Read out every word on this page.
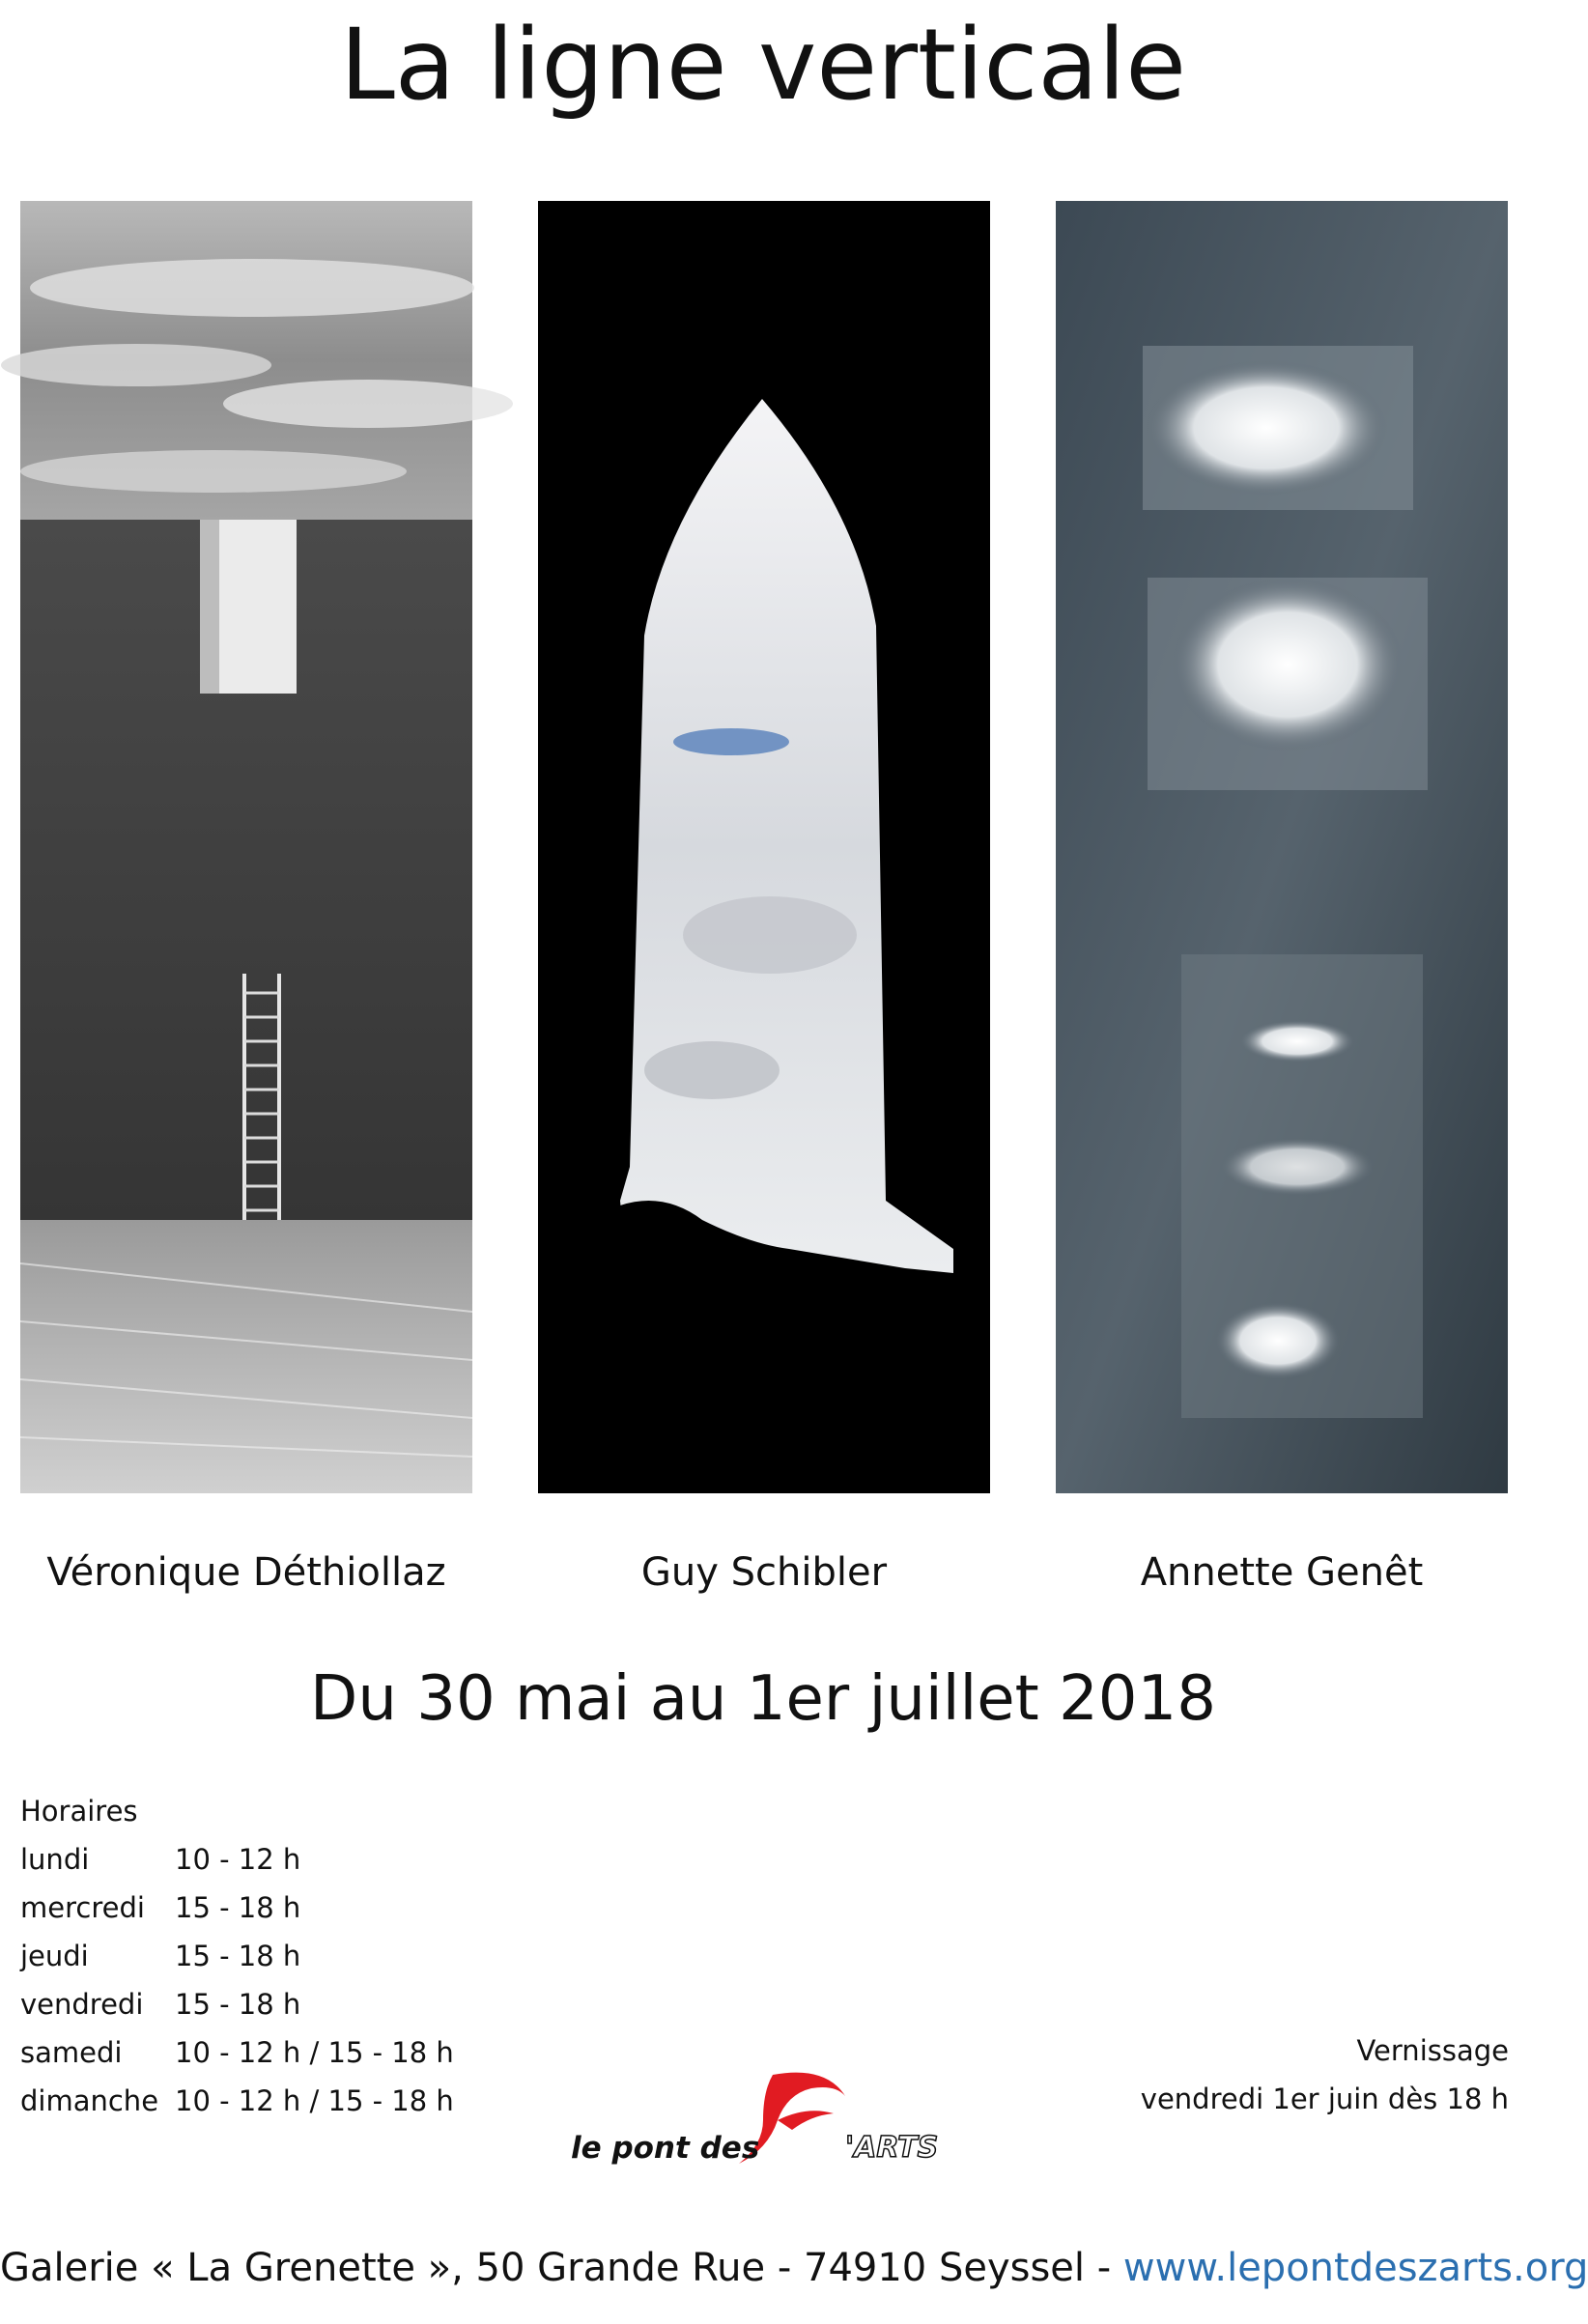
La ligne verticale
Véronique Déthiollaz	Guy Schibler	Annette Genêt
Du 30 mai au 1er juillet 2018
Horaires
lundi	10 - 12 h
mercredi 15 - 18 h
jeudi	15 - 18 h
vendredi 15 - 18 h
samedi 10 - 12 h / 15 - 18 h
dimanche 10 - 12 h / 15 - 18 h
Vernissage
vendredi 1er juin dès 18 h
le pont des	'ARTS
Galerie « La Grenette », 50 Grande Rue - 74910 Seyssel - www.lepontdeszarts.org
